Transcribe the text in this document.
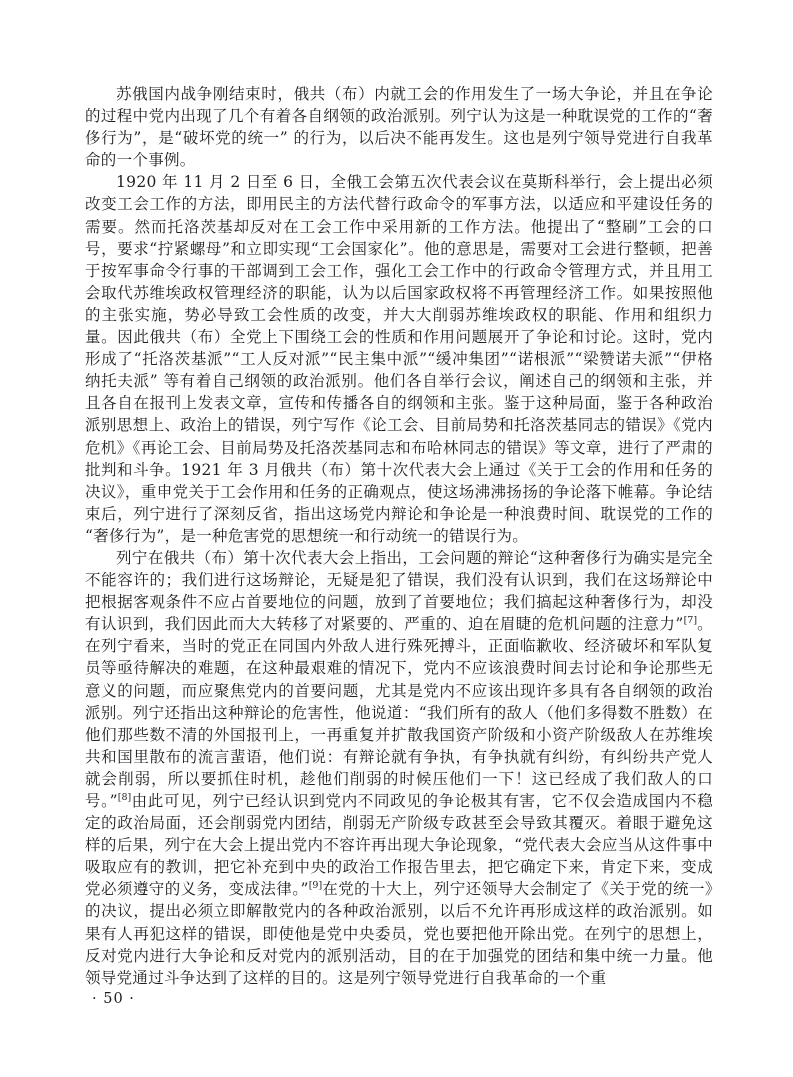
苏俄国内战争刚结束时，俄共（布）内就工会的作用发生了一场大争论，并且在争论的过程中党内出现了几个有着各自纲领的政治派别。列宁认为这是一种耽误党的工作的“奢侈行为”，是“破坏党的统一” 的行为，以后决不能再发生。这也是列宁领导党进行自我革命的一个事例。

1920 年 11 月 2 日至 6 日，全俄工会第五次代表会议在莫斯科举行，会上提出必须改变工会工作的方法，即用民主的方法代替行政命令的军事方法，以适应和平建设任务的需要。然而托洛茨基却反对在工会工作中采用新的工作方法。他提出了“整刷”工会的口号，要求“拧紧螺母”和立即实现“工会国家化”。他的意思是，需要对工会进行整顿，把善于按军事命令行事的干部调到工会工作，强化工会工作中的行政命令管理方式，并且用工会取代苏维埃政权管理经济的职能，认为以后国家政权将不再管理经济工作。如果按照他的主张实施，势必导致工会性质的改变，并大大削弱苏维埃政权的职能、作用和组织力量。因此俄共（布）全党上下围绕工会的性质和作用问题展开了争论和讨论。这时，党内形成了“托洛茨基派”“工人反对派”“民主集中派”“缓冲集团”“诺根派”“梁赞诺夫派”“伊格纳托夫派” 等有着自己纲领的政治派别。他们各自举行会议，阐述自己的纲领和主张，并且各自在报刊上发表文章，宣传和传播各自的纲领和主张。鉴于这种局面，鉴于各种政治派别思想上、政治上的错误，列宁写作《论工会、目前局势和托洛茨基同志的错误》《党内危机》《再论工会、目前局势及托洛茨基同志和布哈林同志的错误》等文章，进行了严肃的批判和斗争。1921 年 3 月俄共（布）第十次代表大会上通过《关于工会的作用和任务的决议》，重申党关于工会作用和任务的正确观点，使这场沸沸扬扬的争论落下帷幕。争论结束后，列宁进行了深刻反省，指出这场党内辩论和争论是一种浪费时间、耽误党的工作的“奢侈行为”，是一种危害党的思想统一和行动统一的错误行为。

列宁在俄共（布）第十次代表大会上指出，工会问题的辩论“这种奢侈行为确实是完全不能容许的；我们进行这场辩论，无疑是犯了错误，我们没有认识到，我们在这场辩论中把根据客观条件不应占首要地位的问题，放到了首要地位；我们搞起这种奢侈行为，却没有认识到，我们因此而大大转移了对紧要的、严重的、迫在眉睫的危机问题的注意力”[7]。在列宁看来，当时的党正在同国内外敌人进行殊死搏斗，正面临歉收、经济破坏和军队复员等亟待解决的难题，在这种最艰难的情况下，党内不应该浪费时间去讨论和争论那些无意义的问题，而应聚焦党内的首要问题，尤其是党内不应该出现许多具有各自纲领的政治派别。列宁还指出这种辩论的危害性，他说道：“我们所有的敌人（他们多得数不胜数）在他们那些数不清的外国报刊上，一再重复并扩散我国资产阶级和小资产阶级敌人在苏维埃共和国里散布的流言蜚语，他们说：有辩论就有争执，有争执就有纠纷，有纠纷共产党人就会削弱，所以要抓住时机，趁他们削弱的时候压他们一下！这已经成了我们敌人的口号。”[8]由此可见，列宁已经认识到党内不同政见的争论极其有害，它不仅会造成国内不稳定的政治局面，还会削弱党内团结，削弱无产阶级专政甚至会导致其覆灭。着眼于避免这样的后果，列宁在大会上提出党内不容许再出现大争论现象，“党代表大会应当从这件事中吸取应有的教训，把它补充到中央的政治工作报告里去，把它确定下来，肯定下来，变成党必须遵守的义务，变成法律。”[9]在党的十大上，列宁还领导大会制定了《关于党的统一》的决议，提出必须立即解散党内的各种政治派别，以后不允许再形成这样的政治派别。如果有人再犯这样的错误，即使他是党中央委员，党也要把他开除出党。在列宁的思想上，反对党内进行大争论和反对党内的派别活动，目的在于加强党的团结和集中统一力量。他领导党通过斗争达到了这样的目的。这是列宁领导党进行自我革命的一个重

· 50 ·
